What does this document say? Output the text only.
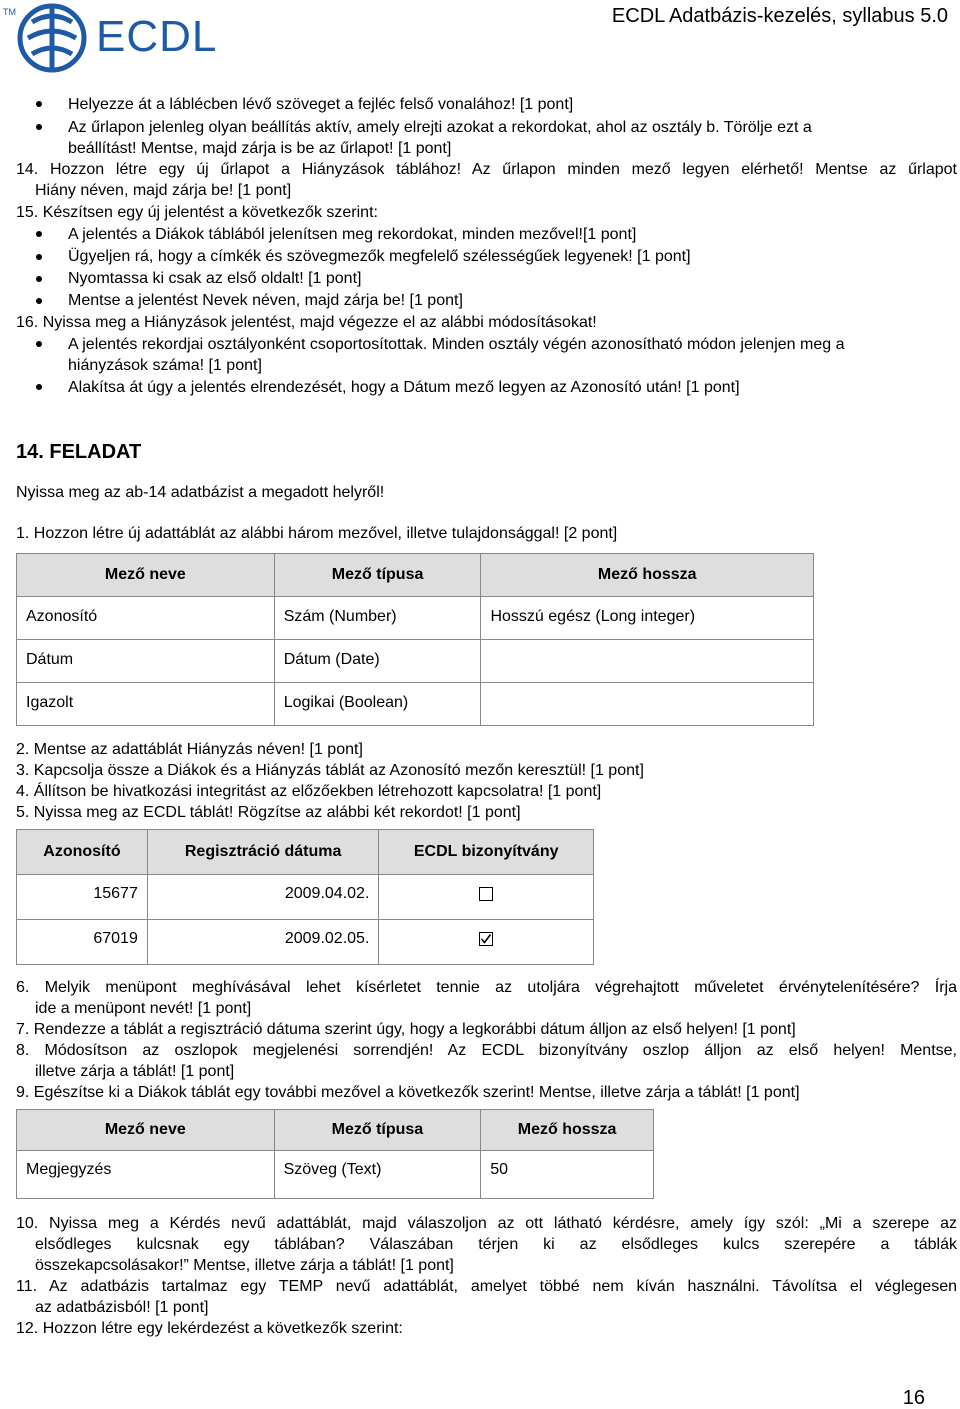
TM ECDL	ECDL Adatbázis-kezelés, syllabus 5.0
Helyezze át a láblécben lévő szöveget a fejléc felső vonalához! [1 pont]
Az űrlapon jelenleg olyan beállítás aktív, amely elrejti azokat a rekordokat, ahol az osztály b. Törölje ezt a
beállítást! Mentse, majd zárja is be az űrlapot! [1 pont]
14. Hozzon létre egy új űrlapot a Hiányzások táblához! Az űrlapon minden mező legyen elérhető! Mentse az űrlapot
Hiány néven, majd zárja be! [1 pont]
15. Készítsen egy új jelentést a következők szerint:
A jelentés a Diákok táblából jelenítsen meg rekordokat, minden mezővel![1 pont]
Ügyeljen rá, hogy a címkék és szövegmezők megfelelő szélességűek legyenek! [1 pont]
Nyomtassa ki csak az első oldalt! [1 pont]
Mentse a jelentést Nevek néven, majd zárja be! [1 pont]
16. Nyissa meg a Hiányzások jelentést, majd végezze el az alábbi módosításokat!
A jelentés rekordjai osztályonként csoportosítottak. Minden osztály végén azonosítható módon jelenjen meg a
hiányzások száma! [1 pont]
Alakítsa át úgy a jelentés elrendezését, hogy a Dátum mező legyen az Azonosító után! [1 pont]
14. FELADAT
Nyissa meg az ab-14 adatbázist a megadott helyről!
1. Hozzon létre új adattáblát az alábbi három mezővel, illetve tulajdonsággal! [2 pont]
Mező neve	Mező típusa	Mező hossza
Azonosító	Szám (Number)	Hosszú egész (Long integer)
Dátum	Dátum (Date)	
Igazolt	Logikai (Boolean)	
2. Mentse az adattáblát Hiányzás néven! [1 pont]
3. Kapcsolja össze a Diákok és a Hiányzás táblát az Azonosító mezőn keresztül! [1 pont]
4. Állítson be hivatkozási integritást az előzőekben létrehozott kapcsolatra! [1 pont]
5. Nyissa meg az ECDL táblát! Rögzítse az alábbi két rekordot! [1 pont]
Azonosító	Regisztráció dátuma	ECDL bizonyítvány
15677	2009.04.02.	
67019	2009.02.05.	
6. Melyik menüpont meghívásával lehet kísérletet tennie az utoljára végrehajtott műveletet érvénytelenítésére? Írja
ide a menüpont nevét! [1 pont]
7. Rendezze a táblát a regisztráció dátuma szerint úgy, hogy a legkorábbi dátum álljon az első helyen! [1 pont]
8. Módosítson az oszlopok megjelenési sorrendjén! Az ECDL bizonyítvány oszlop álljon az első helyen! Mentse,
illetve zárja a táblát! [1 pont]
9. Egészítse ki a Diákok táblát egy további mezővel a következők szerint! Mentse, illetve zárja a táblát! [1 pont]
Mező neve	Mező típusa	Mező hossza
Megjegyzés	Szöveg (Text)	50
10. Nyissa meg a Kérdés nevű adattáblát, majd válaszoljon az ott látható kérdésre, amely így szól: „Mi a szerepe az
elsődleges kulcsnak egy táblában? Válaszában térjen ki az elsődleges kulcs szerepére a táblák
összekapcsolásakor!” Mentse, illetve zárja a táblát! [1 pont]
11. Az adatbázis tartalmaz egy TEMP nevű adattáblát, amelyet többé nem kíván használni. Távolítsa el véglegesen
az adatbázisból! [1 pont]
12. Hozzon létre egy lekérdezést a következők szerint:
16
